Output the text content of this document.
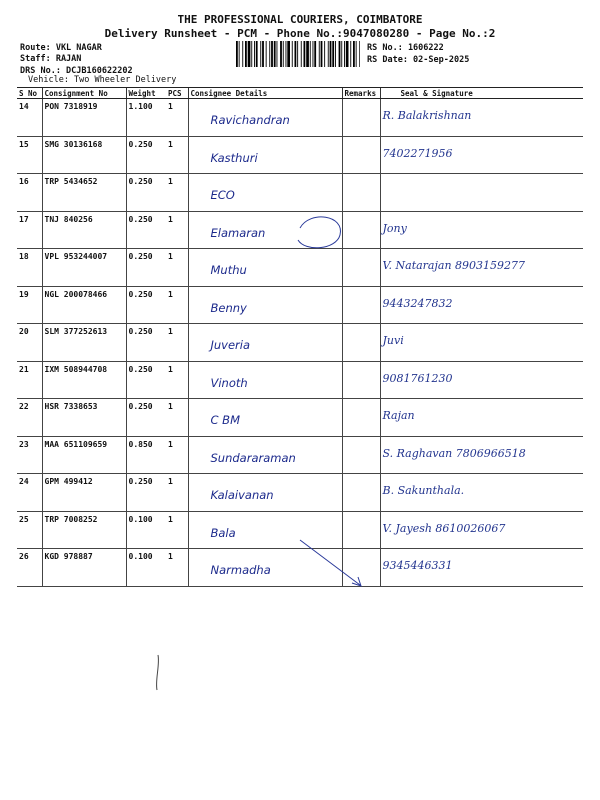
THE PROFESSIONAL COURIERS, COIMBATORE
Delivery Runsheet - PCM - Phone No.:9047080280 - Page No.:2
Route: VKL NAGAR
Staff: RAJAN
DRS No.: DCJB160622202
Vehicle: Two Wheeler Delivery
RS No.: 1606222
RS Date: 02-Sep-2025
S No	Consignment No	Weight	PCS	Consignee Details	Remarks	Seal & Signature
14	PON 7318919	1.100	1	Ravichandran		R. Balakrishnan
15	SMG 30136168	0.250	1	Kasthuri		7402271956
16	TRP 5434652	0.250	1	ECO		
17	TNJ 840256	0.250	1	Elamaran		Jony
18	VPL 953244007	0.250	1	Muthu		V. Natarajan 8903159277
19	NGL 200078466	0.250	1	Benny		9443247832
20	SLM 377252613	0.250	1	Juveria		Juvi
21	IXM 508944708	0.250	1	Vinoth		9081761230
22	HSR 7338653	0.250	1	C BM		Rajan
23	MAA 651109659	0.850	1	Sundararaman		S. Raghavan 7806966518
24	GPM 499412	0.250	1	Kalaivanan		B. Sakunthala.
25	TRP 7008252	0.100	1	Bala		V. Jayesh 8610026067
26	KGD 978887	0.100	1	Narmadha		9345446331
